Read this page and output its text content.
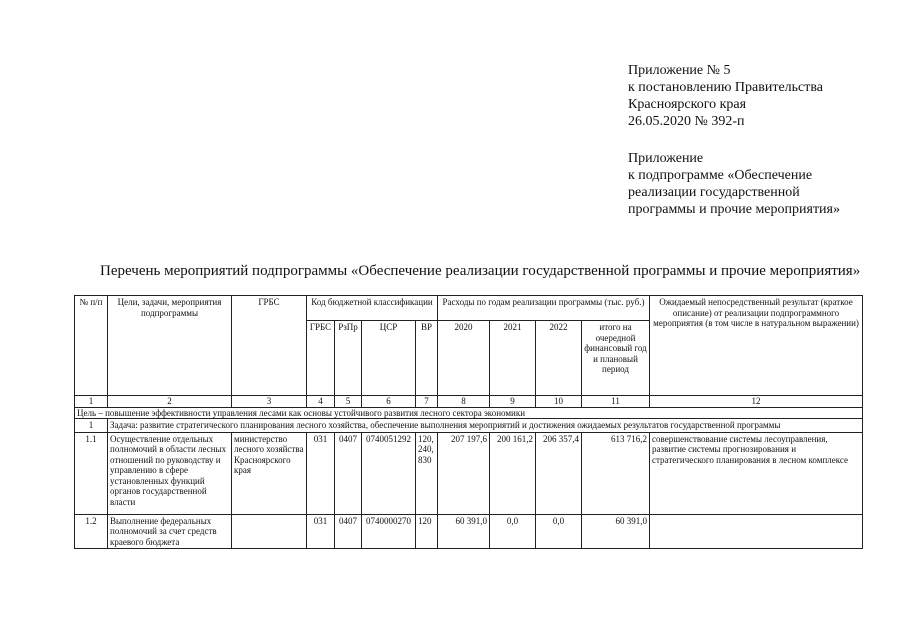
Приложение № 5
к постановлению Правительства
Красноярского края
26.05.2020 № 392-п
Приложение
к подпрограмме «Обеспечение
реализации государственной
программы и прочие мероприятия»
Перечень мероприятий подпрограммы «Обеспечение реализации государственной программы и прочие мероприятия»
№ п/п	Цели, задачи, мероприятия подпрограммы	ГРБС	Код бюджетной классификации				Расходы по годам реализации программы (тыс. руб.)				Ожидаемый непосредственный результат (краткое описание) от реализации подпрограммного мероприятия (в том числе в натуральном выражении)
			ГРБС	РзПр	ЦСР	ВР	2020	2021	2022	итого на очередной финансовый год и плановый период	
1	2	3	4	5	6	7	8	9	10	11	12
Цель – повышение эффективности управления лесами как основы устойчивого развития лесного сектора экономики											
1	Задача: развитие стратегического планирования лесного хозяйства, обеспечение выполнения мероприятий и достижения ожидаемых результатов государственной программы										
1.1	Осуществление отдельных полномочий в области лесных отношений по руководству и управлению в сфере установленных функций органов государственной власти	министерство лесного хозяйства Красноярского края	031	0407	0740051292	120, 240, 830	207 197,6	200 161,2	206 357,4	613 716,2	совершенствование системы лесоуправления, развитие системы прогнозирования и стратегического планирования в лесном комплексе
1.2	Выполнение федеральных полномочий за счет средств краевого бюджета		031	0407	0740000270	120	60 391,0	0,0	0,0	60 391,0	
